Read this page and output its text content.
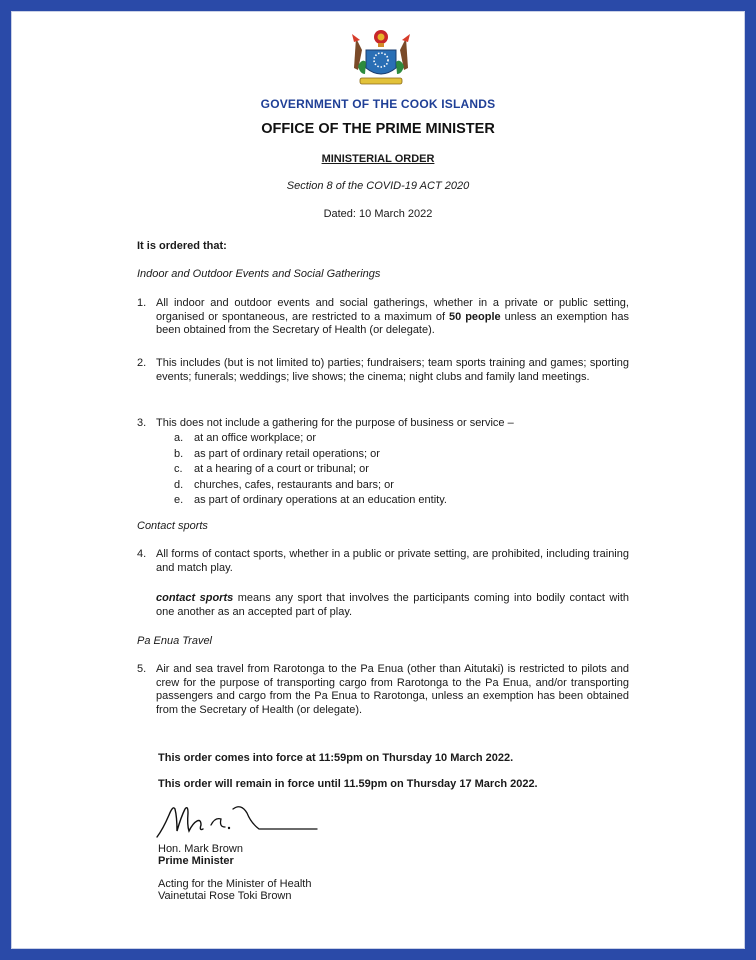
GOVERNMENT OF THE COOK ISLANDS
OFFICE OF THE PRIME MINISTER
MINISTERIAL ORDER
Section 8 of the COVID-19 ACT 2020
Dated: 10 March 2022
It is ordered that:
Indoor and Outdoor Events and Social Gatherings
1. All indoor and outdoor events and social gatherings, whether in a private or public setting, organised or spontaneous, are restricted to a maximum of 50 people unless an exemption has been obtained from the Secretary of Health (or delegate).
2. This includes (but is not limited to) parties; fundraisers; team sports training and games; sporting events; funerals; weddings; live shows; the cinema; night clubs and family land meetings.
3. This does not include a gathering for the purpose of business or service –
a. at an office workplace; or
b. as part of ordinary retail operations; or
c. at a hearing of a court or tribunal; or
d. churches, cafes, restaurants and bars; or
e. as part of ordinary operations at an education entity.
Contact sports
4. All forms of contact sports, whether in a public or private setting, are prohibited, including training and match play.
contact sports means any sport that involves the participants coming into bodily contact with one another as an accepted part of play.
Pa Enua Travel
5. Air and sea travel from Rarotonga to the Pa Enua (other than Aitutaki) is restricted to pilots and crew for the purpose of transporting cargo from Rarotonga to the Pa Enua, and/or transporting passengers and cargo from the Pa Enua to Rarotonga, unless an exemption has been obtained from the Secretary of Health (or delegate).
This order comes into force at 11:59pm on Thursday 10 March 2022.
This order will remain in force until 11.59pm on Thursday 17 March 2022.
Hon. Mark Brown
Prime Minister
Acting for the Minister of Health
Vainetutai Rose Toki Brown
